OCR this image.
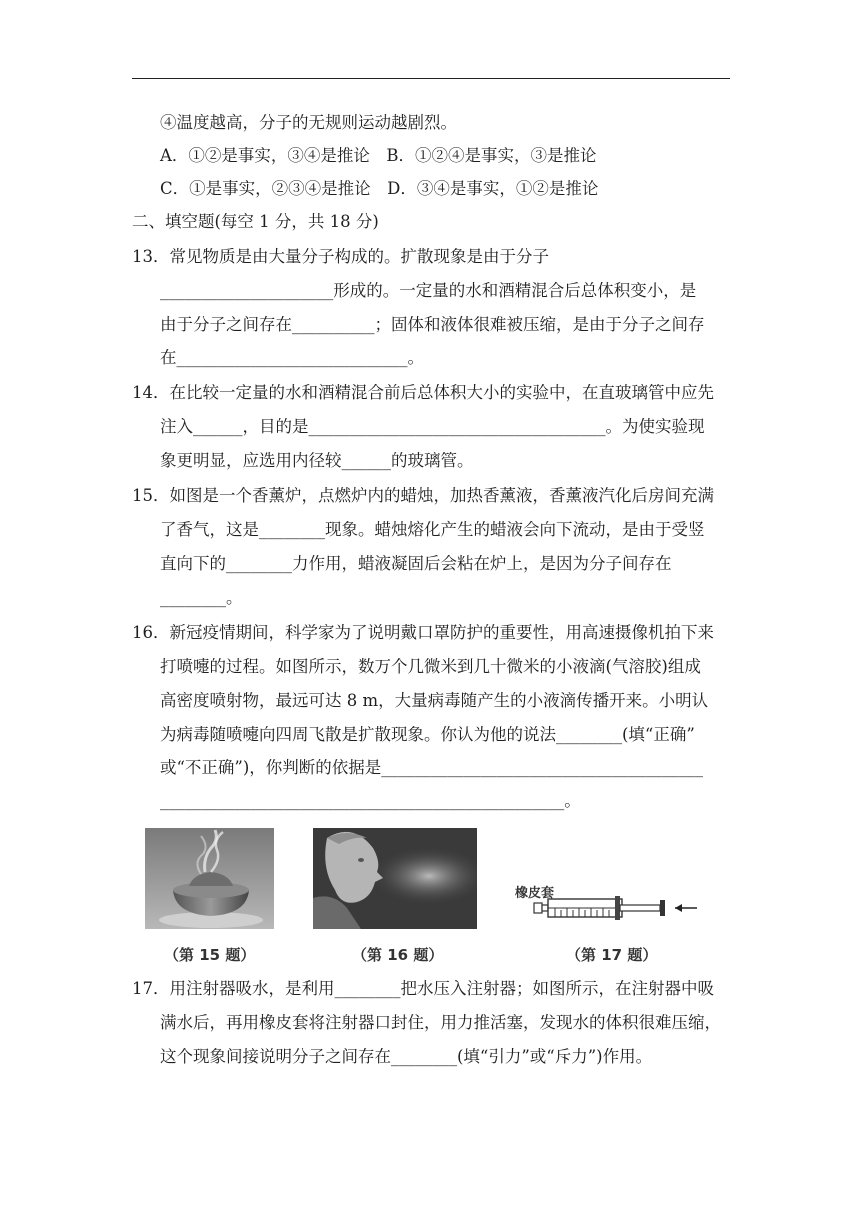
④温度越高，分子的无规则运动越剧烈。
A．①②是事实，③④是推论　B．①②④是事实，③是推论
C．①是事实，②③④是推论　D．③④是事实，①②是推论
二、填空题(每空 1 分，共 18 分)
13．常见物质是由大量分子构成的。扩散现象是由于分子
_____________________形成的。一定量的水和酒精混合后总体积变小，是
由于分子之间存在__________；固体和液体很难被压缩，是由于分子之间存
在____________________________。
14．在比较一定量的水和酒精混合前后总体积大小的实验中，在直玻璃管中应先
注入______，目的是____________________________________。为使实验现
象更明显，应选用内径较______的玻璃管。
15．如图是一个香薰炉，点燃炉内的蜡烛，加热香薰液，香薰液汽化后房间充满
了香气，这是________现象。蜡烛熔化产生的蜡液会向下流动，是由于受竖
直向下的________力作用，蜡液凝固后会粘在炉上，是因为分子间存在
________。
16．新冠疫情期间，科学家为了说明戴口罩防护的重要性，用高速摄像机拍下来
打喷嚏的过程。如图所示，数万个几微米到几十微米的小液滴(气溶胶)组成
高密度喷射物，最远可达 8 m，大量病毒随产生的小液滴传播开来。小明认
为病毒随喷嚏向四周飞散是扩散现象。你认为他的说法________(填“正确”
或“不正确”)，你判断的依据是_______________________________________
_________________________________________________。
橡皮套
（第 15 题）	（第 16 题）	（第 17 题）
17．用注射器吸水，是利用________把水压入注射器；如图所示，在注射器中吸
满水后，再用橡皮套将注射器口封住，用力推活塞，发现水的体积很难压缩，
这个现象间接说明分子之间存在________(填“引力”或“斥力”)作用。
